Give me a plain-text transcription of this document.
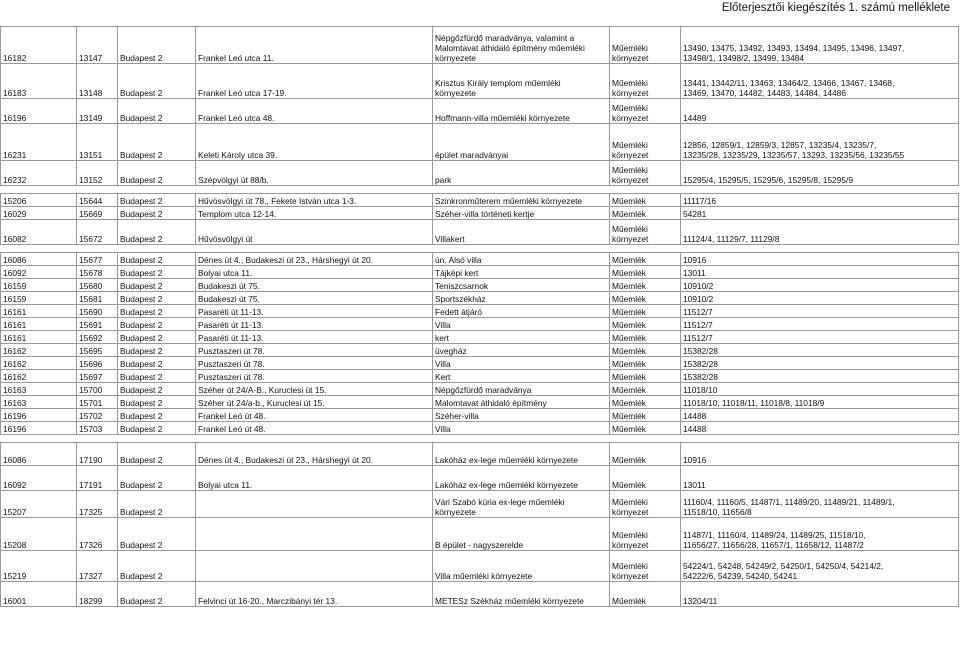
Előterjesztői kiegészítés 1. számú melléklete
16182	13147	Budapest 2	Frankel Leó utca 11.	Népgőzfürdő maradványa, valamint a
Malomtavat áthidaló építmény műemléki
környezete	Műemléki
környezet	13490, 13475, 13492, 13493, 13494, 13495, 13496, 13497,
13498/1, 13498/2, 13499, 13484
16183	13148	Budapest 2	Frankel Leó utca 17-19.	Krisztus Király templom műemléki
környezete	Műemléki
környezet	13441, 13442/11, 13463, 13464/2, 13466, 13467, 13468,
13469, 13470, 14482, 14483, 14484, 14486
16196	13149	Budapest 2	Frankel Leó utca 48.	Hoffmann-villa műemléki környezete	Műemléki
környezet	14489
16231	13151	Budapest 2	Keleti Károly utca 39.	épület maradványai	Műemléki
környezet	12856, 12859/1, 12859/3, 12857, 13235/4, 13235/7,
13235/28, 13235/29, 13235/57, 13293, 13235/56, 13235/55
16232	13152	Budapest 2	Szépvölgyi út 88/b.	park	Műemléki
környezet	15295/4, 15295/5, 15295/6, 15295/8, 15295/9

15206	15644	Budapest 2	Hűvösvölgyi út 78., Fekete István utca 1-3.	Szinkronműterem műemléki környezete	Műemlék	11117/16
16029	15669	Budapest 2	Templom utca 12-14.	Széher-villa történeti kertje	Műemlék	54281
16082	15672	Budapest 2	Hűvösvölgyi út	Villakert	Műemléki
környezet	11124/4, 11129/7, 11129/8

16086	15677	Budapest 2	Dénes út 4., Budakeszi út 23., Hárshegyi út 20.	ún. Alsó villa	Műemlék	10916
16092	15678	Budapest 2	Bolyai utca 11.	Tájképi kert	Műemlék	13011
16159	15680	Budapest 2	Budakeszi út 75.	Teniszcsarnok	Műemlék	10910/2
16159	15681	Budapest 2	Budakeszi út 75.	Sportszékház	Műemlék	10910/2
16161	15690	Budapest 2	Pasaréti út 11-13.	Fedett átjáró	Műemlék	11512/7
16161	15691	Budapest 2	Pasaréti út 11-13.	Villa	Műemlék	11512/7
16161	15692	Budapest 2	Pasaréti út 11-13.	kert	Műemlék	11512/7
16162	15695	Budapest 2	Pusztaszeri út 78.	üvegház	Műemlék	15382/28
16162	15696	Budapest 2	Pusztaszeri út 78.	Villa	Műemlék	15382/28
16162	15697	Budapest 2	Pusztaszeri út 78.	Kert	Műemlék	15382/28
16163	15700	Budapest 2	Széher út 24/A-B., Kuruclesi út 15.	Népgőzfürdő maradványa	Műemlék	11018/10
16163	15701	Budapest 2	Széher út 24/a-b., Kuruclesi út 15.	Malomtavat áthidaló építmény	Műemlék	11018/10, 11018/11, 11018/8, 11018/9
16196	15702	Budapest 2	Frankel Leó út 48.	Széher-villa	Műemlék	14488
16196	15703	Budapest 2	Frankel Leó út 48.	Villa	Műemlék	14488

16086	17190	Budapest 2	Dénes út 4., Budakeszi út 23., Hárshegyi út 20.	Lakóház ex-lege műemléki környezete	Műemlék	10916
16092	17191	Budapest 2	Bolyai utca 11.	Lakóház ex-lege műemléki környezete	Műemlék	13011
15207	17325	Budapest 2		Vári Szabó kúria ex-lege műemléki
környezete	Műemléki
környezet	11160/4, 11160/5, 11487/1, 11489/20, 11489/21, 11489/1,
11518/10, 11656/8
15208	17326	Budapest 2		B épület - nagyszerelde	Műemléki
környezet	11487/1, 11160/4, 11489/24, 11489/25, 11518/10,
11656/27, 11656/28, 11657/1, 11658/12, 11487/2
15219	17327	Budapest 2		Villa műemléki környezete	Műemléki
környezet	54224/1, 54248, 54249/2, 54250/1, 54250/4, 54214/2,
54222/6, 54239, 54240, 54241
16001	18299	Budapest 2	Felvinci út 16-20., Marczibányi tér 13.	METESz Székház műemléki környezete	Műemlék	13204/11
